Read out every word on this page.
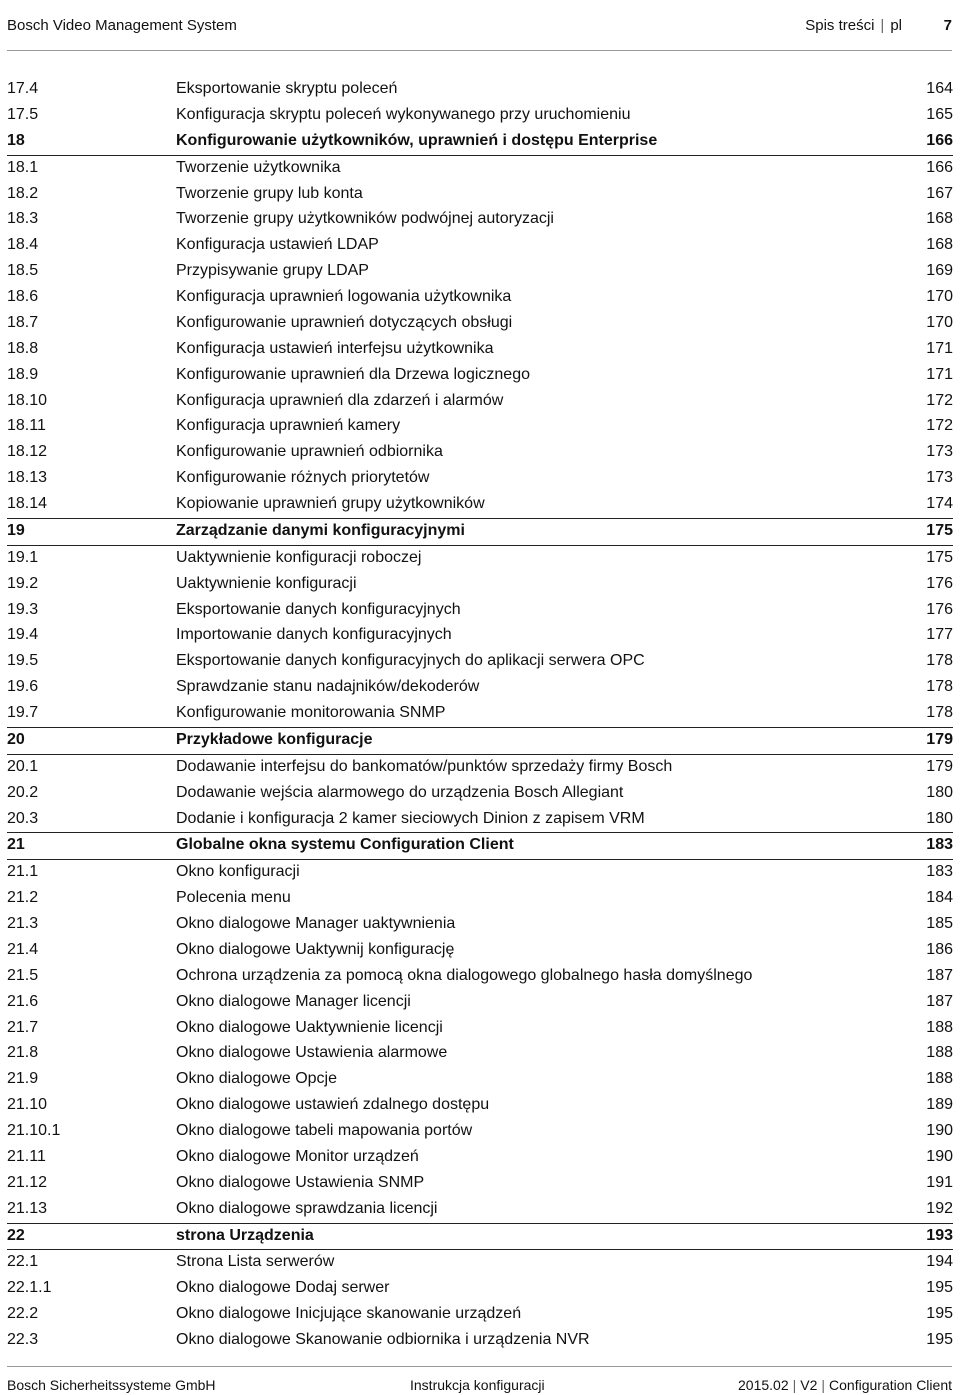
Bosch Video Management System	Spis treści | pl	7
17.4	Eksportowanie skryptu poleceń	164
17.5	Konfiguracja skryptu poleceń wykonywanego przy uruchomieniu	165
18	Konfigurowanie użytkowników, uprawnień i dostępu Enterprise	166
18.1	Tworzenie użytkownika	166
18.2	Tworzenie grupy lub konta	167
18.3	Tworzenie grupy użytkowników podwójnej autoryzacji	168
18.4	Konfiguracja ustawień LDAP	168
18.5	Przypisywanie grupy LDAP	169
18.6	Konfiguracja uprawnień logowania użytkownika	170
18.7	Konfigurowanie uprawnień dotyczących obsługi	170
18.8	Konfiguracja ustawień interfejsu użytkownika	171
18.9	Konfigurowanie uprawnień dla Drzewa logicznego	171
18.10	Konfiguracja uprawnień dla zdarzeń i alarmów	172
18.11	Konfiguracja uprawnień kamery	172
18.12	Konfigurowanie uprawnień odbiornika	173
18.13	Konfigurowanie różnych priorytetów	173
18.14	Kopiowanie uprawnień grupy użytkowników	174
19	Zarządzanie danymi konfiguracyjnymi	175
19.1	Uaktywnienie konfiguracji roboczej	175
19.2	Uaktywnienie konfiguracji	176
19.3	Eksportowanie danych konfiguracyjnych	176
19.4	Importowanie danych konfiguracyjnych	177
19.5	Eksportowanie danych konfiguracyjnych do aplikacji serwera OPC	178
19.6	Sprawdzanie stanu nadajników/dekoderów	178
19.7	Konfigurowanie monitorowania SNMP	178
20	Przykładowe konfiguracje	179
20.1	Dodawanie interfejsu do bankomatów/punktów sprzedaży firmy Bosch	179
20.2	Dodawanie wejścia alarmowego do urządzenia Bosch Allegiant	180
20.3	Dodanie i konfiguracja 2 kamer sieciowych Dinion z zapisem VRM	180
21	Globalne okna systemu Configuration Client	183
21.1	Okno konfiguracji	183
21.2	Polecenia menu	184
21.3	Okno dialogowe Manager uaktywnienia	185
21.4	Okno dialogowe Uaktywnij konfigurację	186
21.5	Ochrona urządzenia za pomocą okna dialogowego globalnego hasła domyślnego	187
21.6	Okno dialogowe Manager licencji	187
21.7	Okno dialogowe Uaktywnienie licencji	188
21.8	Okno dialogowe Ustawienia alarmowe	188
21.9	Okno dialogowe Opcje	188
21.10	Okno dialogowe ustawień zdalnego dostępu	189
21.10.1	Okno dialogowe tabeli mapowania portów	190
21.11	Okno dialogowe Monitor urządzeń	190
21.12	Okno dialogowe Ustawienia SNMP	191
21.13	Okno dialogowe sprawdzania licencji	192
22	strona Urządzenia	193
22.1	Strona Lista serwerów	194
22.1.1	Okno dialogowe Dodaj serwer	195
22.2	Okno dialogowe Inicjujące skanowanie urządzeń	195
22.3	Okno dialogowe Skanowanie odbiornika i urządzenia NVR	195
Bosch Sicherheitssysteme GmbH	Instrukcja konfiguracji	2015.02 | V2 | Configuration Client
